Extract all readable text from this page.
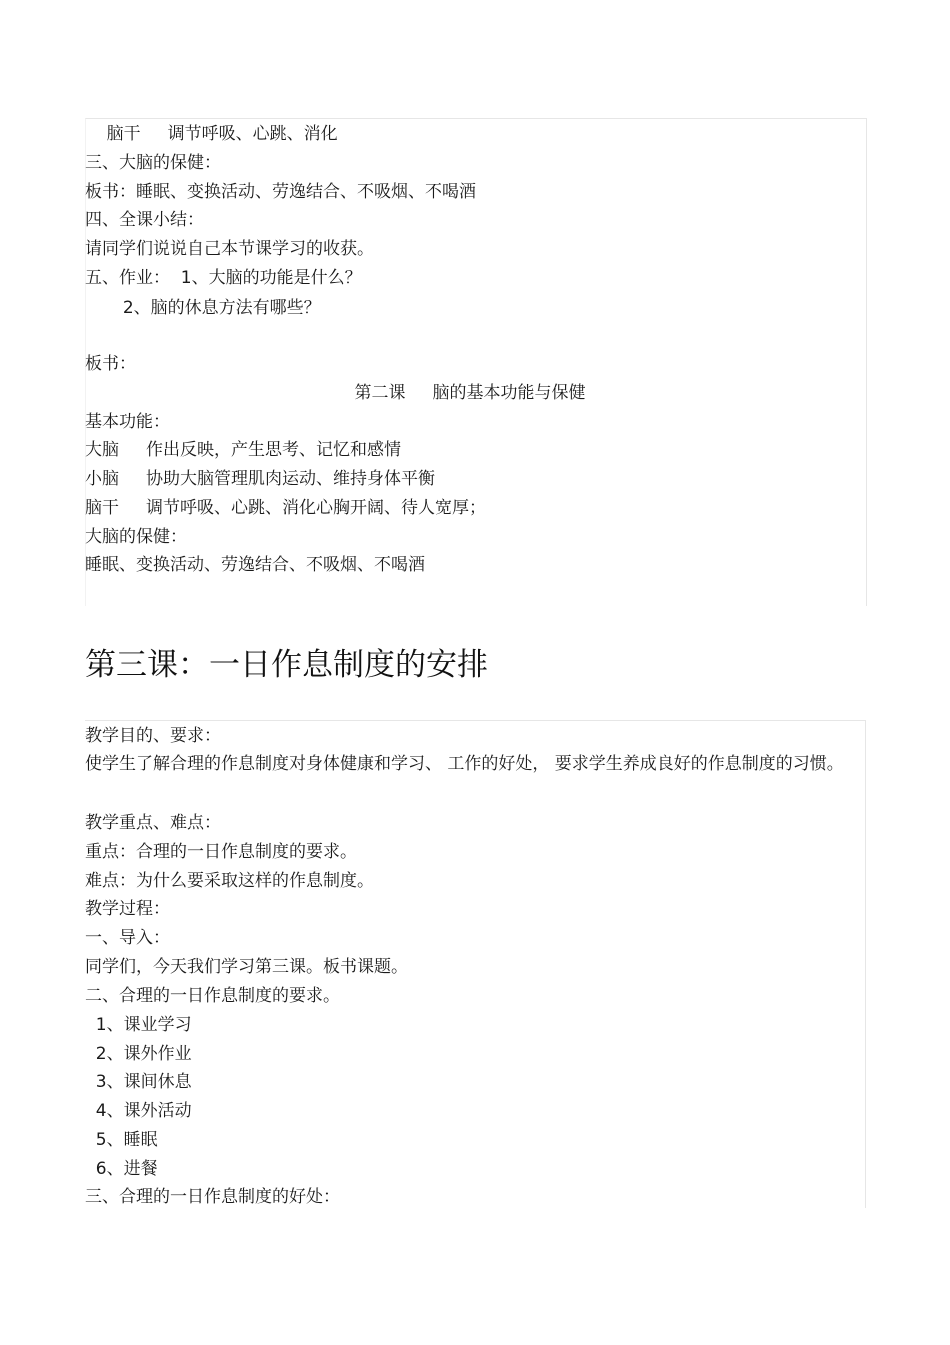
脑干     调节呼吸、心跳、消化
三、大脑的保健：
板书：睡眠、变换活动、劳逸结合、不吸烟、不喝酒
四、全课小结：
请同学们说说自己本节课学习的收获。
五、作业：  1、大脑的功能是什么？
2、脑的休息方法有哪些？
板书：
第二课     脑的基本功能与保健
基本功能：
大脑     作出反映，产生思考、记忆和感情
小脑     协助大脑管理肌肉运动、维持身体平衡
脑干     调节呼吸、心跳、消化心胸开阔、待人宽厚；
大脑的保健：
睡眠、变换活动、劳逸结合、不吸烟、不喝酒
第三课：一日作息制度的安排
教学目的、要求：
使学生了解合理的作息制度对身体健康和学习、 工作的好处， 要求学生养成良好的作息制度的习惯。
教学重点、难点：
重点：合理的一日作息制度的要求。
难点：为什么要采取这样的作息制度。
教学过程：
一、导入：
同学们，今天我们学习第三课。板书课题。
二、合理的一日作息制度的要求。
1、课业学习
2、课外作业
3、课间休息
4、课外活动
5、睡眠
6、进餐
三、合理的一日作息制度的好处：
